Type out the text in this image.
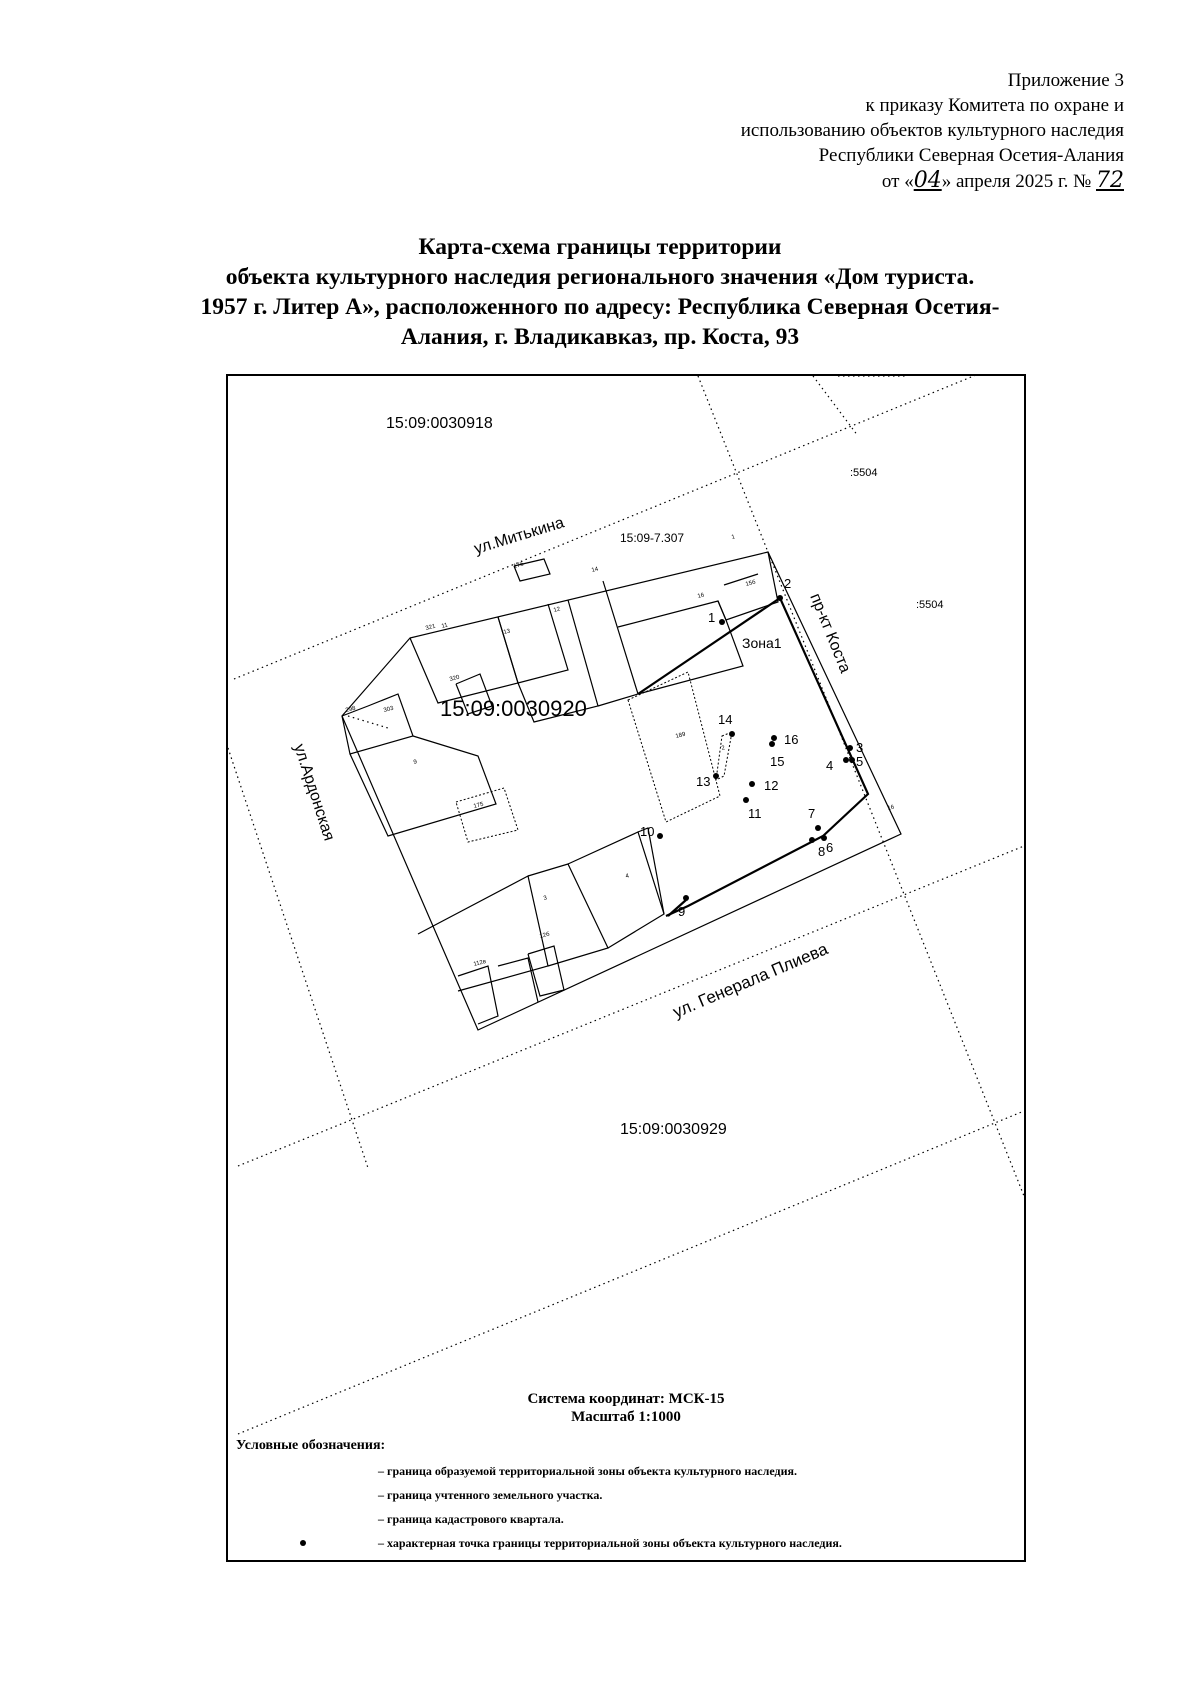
Приложение 3
к приказу Комитета по охране и
использованию объектов культурного наследия
Республики Северная Осетия-Алания
от «04» апреля 2025 г. № 72
Карта-схема границы территории
объекта культурного наследия регионального значения «Дом туриста.
1957 г. Литер А», расположенного по адресу: Республика Северная Осетия-
Алания, г. Владикавказ, пр. Коста, 93
15:09:0030918
15:09:0030920
15:09:0030929
:5504
:5504
15:09-7.307
ул.Митькина
пр-кт Коста
ул.Ардонская
ул. Генерала Плиева
Зона1
321 11
320
13
17б
12
14
16
15б
1
298	303
9
175
189
2
3
4
12б
112в
16
1
2
3
4 5
6
7
8
9
10
11
12
13
14
15
16
Система координат: МСК-15
Масштаб 1:1000
Условные обозначения:
– граница образуемой территориальной зоны объекта культурного наследия.
– граница учтенного земельного участка.
– граница кадастрового квартала.
– характерная точка границы территориальной зоны объекта культурного наследия.
